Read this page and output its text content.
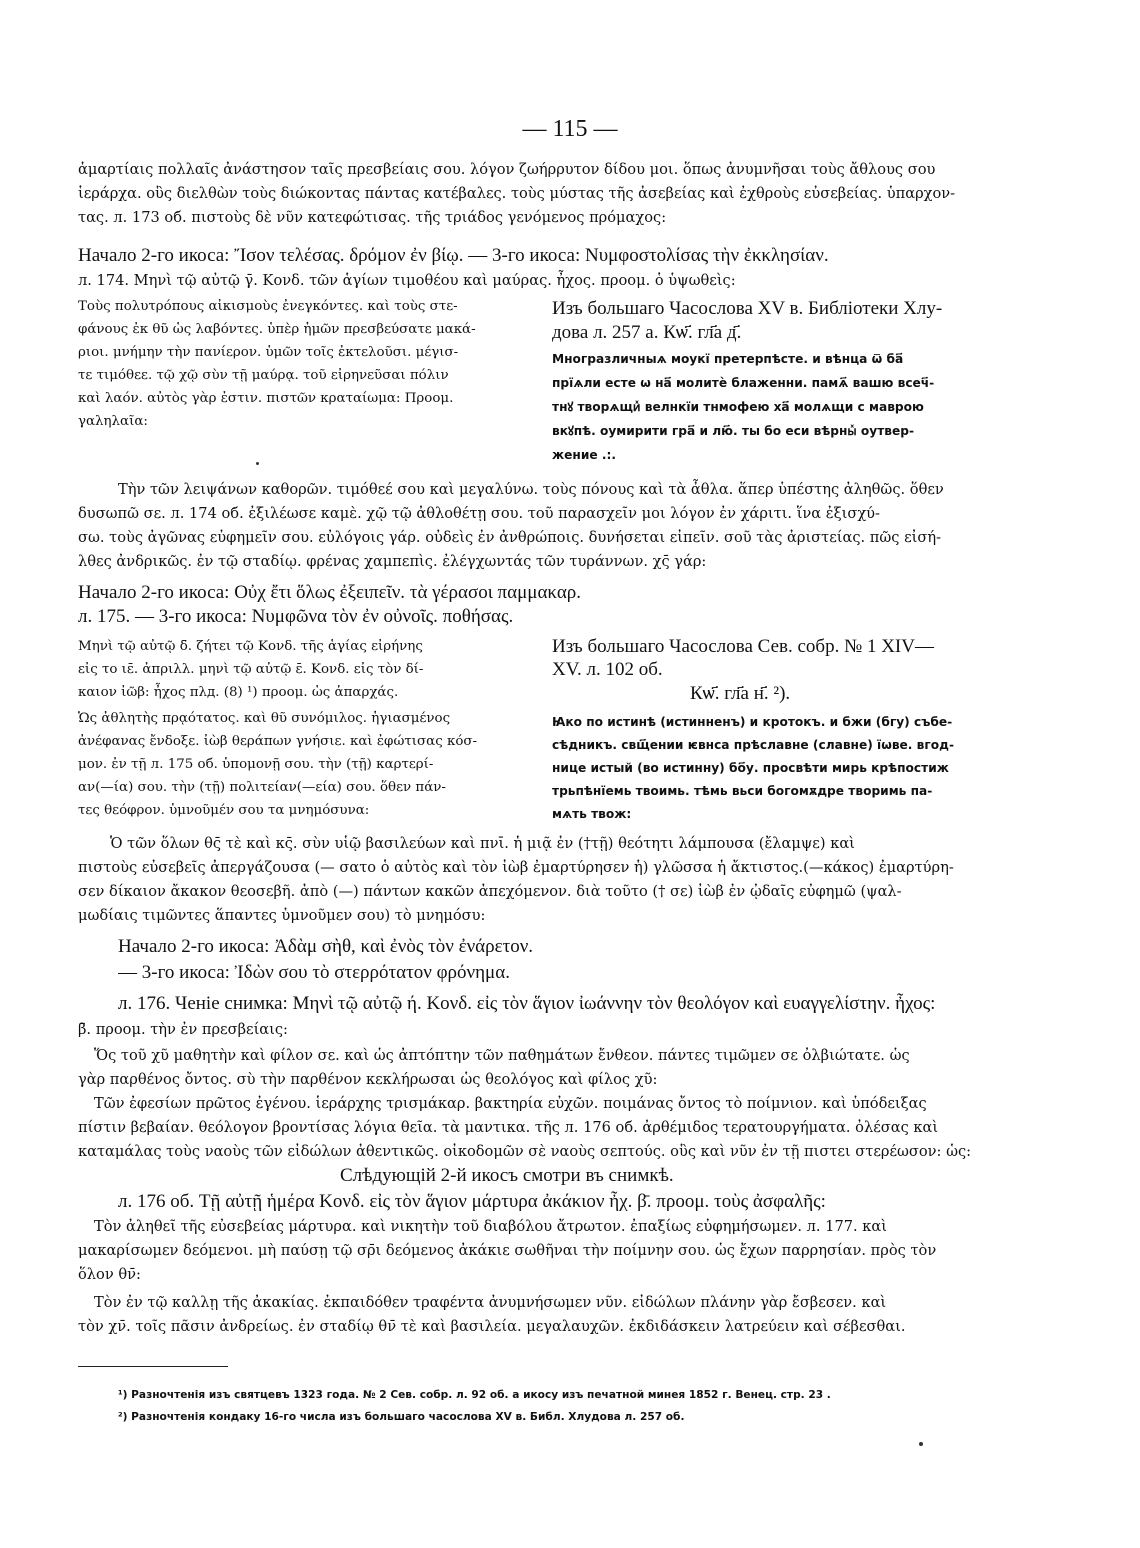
— 115 —
ἁμαρτίαις πολλαῖς ἀνάστησον ταῖς πρεσβείαις σου. λόγον ζωήρρυτον δίδου μοι. ὅπως ἀνυμνῆσαι τοὺς ἄθλους σου
ἱεράρχα. οὓς διελθὼν τοὺς διώκοντας πάντας κατέβαλες. τοὺς μύστας τῆς ἀσεβείας καὶ ἐχθροὺς εὐσεβείας. ὑπαρχον-
τας. л. 173 об. πιστοὺς δὲ νῦν κατεφώτισας. τῆς τριάδος γενόμενος πρόμαχος:
Начало 2-го икоса: Ἴσον τελέσας. δρόμον ἐν βίῳ. — 3-го икоса: Νυμφοστολίσας τὴν ἐκκλησίαν.
л. 174. Μηνὶ τῷ αὐτῷ γ̄. Κονδ. τῶν ἁγίων τιμοθέου καὶ μαύρας. ἦχος. προομ. ὁ ὑψωθεὶς:
Τοὺς πολυτρόπους αἰκισμοὺς ἐνεγκόντες. καὶ τοὺς στε-
φάνους ἐκ θῦ ὡς λαβόντες. ὑπὲρ ἡμῶν πρεσβεύσατε μακά-
ριοι. μνήμην τὴν πανίερον. ὑμῶν τοῖς ἐκτελοῦσι. μέγισ-
τε τιμόθεε. τῷ χῷ σὺν τῇ μαύρᾳ. τοῦ εἰρηνεῦσαι πόλιν
καὶ λαόν. αὐτὸς γὰρ ἐστιν. πιστῶν κραταίωμα: Προομ.
γαληλαῖα:
Изъ большаго Часослова XV в. Библіотеки Хлу-
дова л. 257 а. Кѡ҃. гл҃а д҃.
Многразличныѧ моукї претерпѣсте. и вѣнца ѿ ба҃
прїѧли есте ѡ на҃ молитѐ блаженни. памѧ҃ вашю всеч҃-
тнꙋ творѧщиⷯ велнкїи тнмофею ха҃ молѧщи с маврою
вкꙋпѣ. оумирити гра҃ и лю҃. ты бо еси вѣрныⷯ оутвер-
жение .:.
Τὴν τῶν λειψάνων καθορῶν. τιμόθεέ σου καὶ μεγαλύνω. τοὺς πόνους καὶ τὰ ἆθλα. ἅπερ ὑπέστης ἀληθῶς. ὅθεν
δυσωπῶ σε. л. 174 об. ἐξιλέωσε καμὲ. χῷ τῷ ἀθλοθέτῃ σου. τοῦ παρασχεῖν μοι λόγον ἐν χάριτι. ἵνα ἐξισχύ-
σω. τοὺς ἀγῶνας εὐφημεῖν σου. εὐλόγοις γάρ. οὐδεὶς ἐν ἀνθρώποις. δυνήσεται εἰπεῖν. σοῦ τὰς ἀριστείας. πῶς εἰσή-
λθες ἀνδρικῶς. ἐν τῷ σταδίῳ. φρένας χαμπεπὶς. ἐλέγχωντάς τῶν τυράννων. χς̄ γάρ:
Начало 2-го икоса: Οὐχ ἔτι ὅλως ἐξειπεῖν. τὰ γέρασοι παμμακαρ.
л. 175. — 3-го икоса: Νυμφῶνα τὸν ἐν οὐνοῖς. ποθήσας.
Μηνὶ τῷ αὐτῷ δ̄. ζήτει τῷ Κονδ. τῆς ἁγίας εἰρήνης
εἰς το ιε̄. ἀπριλλ. μηνὶ τῷ αὐτῷ ε̄. Κονδ. εἰς τὸν δί-
καιον ἰῶβ: ἦχος πλд. (8) ¹) προομ. ὡς ἀπαρχάς.
Ὡς ἀθλητὴς πρᾳότατος. καὶ θῦ συνόμιλος. ἡγιασμένος
ἀνέφανας ἔνδοξε. ἰὼβ θεράπων γνήσιε. καὶ ἐφώτισας κόσ-
μον. ἐν τῇ л. 175 об. ὑπομονῇ σου. τὴν (τῇ) καρτερί-
αν(—ία) σου. τὴν (τῇ) πολιτείαν(—εία) σου. ὅθεν πάν-
τες θεόφρον. ὑμνοῦμέν σου τα μνημόσυνα:
Изъ большаго Часослова Сев. собр. № 1 XIV—
XV. л. 102 об.
Кѡ҃. гл҃а н҃. ²).
Ꙗко по истинѣ (истинненъ) и кротокъ. и бжи (бгу) събе-
сѣдникъ. свщ҃ении ѥвнса прѣславне (славне) їѡве. вгод-
нице истый (во истинну) бо҃у. просвѣти мирь крѣпостиж
трьпѣнїемь твоимь. тѣмь вьси богомѫдре творимь па-
мѧть твож:
Ὁ τῶν ὅλων θς̄ τὲ καὶ κς̄. σὺν υἱῷ βασιλεύων καὶ πνῑ. ἡ μιᾷ ἐν (†τῇ) θεότητι λάμπουσα (ἔλαμψε) καὶ
πιστοὺς εὐσεβεῖς ἀπεργάζουσα (— σατο ὁ αὐτὸς καὶ τὸν ἰὼβ ἐμαρτύρησεν ἡ) γλῶσσα ἡ ἄκτιστος.(—κάκος) ἐμαρτύρη-
σεν δίκαιον ἄκακον θεοσεβῆ. ἀπὸ (—) πάντων κακῶν ἀπεχόμενον. διὰ τοῦτο († σε) ἰὼβ ἐν ᾠδαῖς εὐφημῶ (ψαλ-
μωδίαις τιμῶντες ἅπαντες ὑμνοῦμεν σου) τὸ μνημόσυ:
Начало 2-го икоса: Ἀδὰμ σὴθ, καὶ ἐνὸς τὸν ἐνάρετον.
— 3-го икоса: Ἰδὼν σου τὸ στερρότατον φρόνημα.
л. 176. Ченіе снимка: Μηνὶ τῷ αὐτῷ ή. Κονδ. εἰς τὸν ἅγιον ἰωάννην τὸν θεολόγον καὶ ευαγγελίστην. ἦχος:
β̄. προομ. τὴν ἐν πρεσβείαις:
Ὅς τοῦ χῦ μαθητὴν καὶ φίλον σε. καὶ ὡς ἀπτόπτην τῶν παθημάτων ἔνθεον. πάντες τιμῶμεν σε ὀλβιώτατε. ὡς
γὰρ παρθένος ὄντος. σὺ τὴν παρθένον κεκλήρωσαι ὡς θεολόγος καὶ φίλος χῦ:
Τῶν ἐφεσίων πρῶτος ἐγένου. ἱεράρχης τρισμάκαρ. βακτηρία εὐχῶν. ποιμάνας ὄντος τὸ ποίμνιον. καὶ ὑπόδειξας
πίστιν βεβαίαν. θεόλογον βροντίσας λόγια θεῖα. τὰ μαντικα. τῆς л. 176 об. ἀρθέμιδος τερατουργήματα. ὀλέσας καὶ
καταμάλας τοὺς ναοὺς τῶν εἰδώλων ἀθεντικῶς. οἰκοδομῶν σὲ ναοὺς σεπτούς. οὓς καὶ νῦν ἐν τῇ πιστει στερέωσον: ὡς:
Слѣдующій 2-й икосъ смотри въ снимкѣ.
л. 176 об. Τῇ αὐτῇ ἡμέρα Κονδ. εἰς τὸν ἅγιον μάρτυρα ἀκάκιον ἦχ. β̄. προομ. τοὺς ἀσφαλῆς:
Τὸν ἀληθεῖ τῆς εὐσεβείας μάρτυρα. καὶ νικητὴν τοῦ διαβόλου ἄτρωτον. ἐπαξίως εὐφημήσωμεν. л. 177. καὶ
μακαρίσωμεν δεόμενοι. μὴ παύσῃ τῷ σρ̄ι δεόμενος ἀκάκιε σωθῆναι τὴν ποίμνην σου. ὡς ἔχων παρρησίαν. πρὸς τὸν
ὅλον θν̄:
Τὸν ἐν τῷ καλλῃ τῆς ἀκακίας. ἐκπαιδόθεν τραφέντα ἀνυμνήσωμεν νῦν. εἰδώλων πλάνην γὰρ ἔσβεσεν. καὶ
τὸν χν̄. τοῖς πᾶσιν ἀνδρείως. ἐν σταδίῳ θν̄ τὲ καὶ βασιλεία. μεγαλαυχῶν. ἐκδιδάσκειν λατρεύειν καὶ σέβεσθαι.
¹) Разночтенія изъ святцевъ 1323 года. № 2 Сев. собр. л. 92 об. а икосу изъ печатной минея 1852 г. Венец. стр. 23 .
²) Разночтенія кондаку 16-го числа изъ большаго часослова XV в. Библ. Хлудова л. 257 об.
